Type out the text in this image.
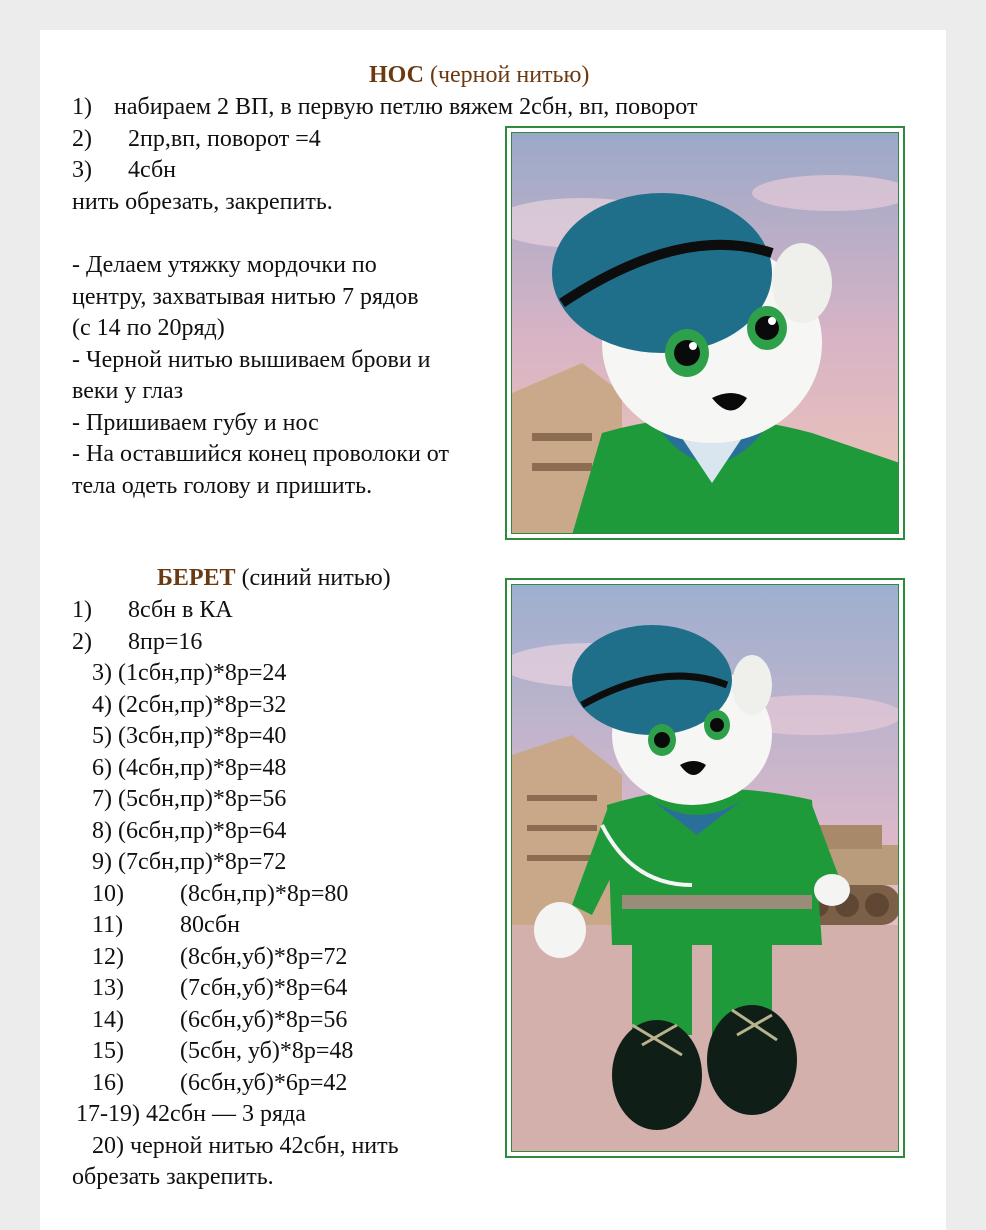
НОС (черной нитью)
1) набираем 2 ВП, в первую петлю вяжем 2сбн, вп, поворот
2) 2пр,вп, поворот =4
3) 4сбн
нить обрезать, закрепить.
- Делаем утяжку мордочки по
центру, захватывая нитью 7 рядов
(с 14 по 20ряд)
- Черной нитью вышиваем брови и
веки у глаз
- Пришиваем губу и нос
- На оставшийся конец проволоки от
тела одеть голову и пришить.
БЕРЕТ (синий нитью)
1) 8сбн в КА
2) 8пр=16
3) (1сбн,пр)*8р=24
4) (2сбн,пр)*8р=32
5) (3сбн,пр)*8р=40
6) (4сбн,пр)*8р=48
7) (5сбн,пр)*8р=56
8) (6сбн,пр)*8р=64
9) (7сбн,пр)*8р=72
10) (8сбн,пр)*8р=80
11) 80сбн
12) (8сбн,уб)*8р=72
13) (7сбн,уб)*8р=64
14) (6сбн,уб)*8р=56
15) (5сбн, уб)*8р=48
16) (6сбн,уб)*6р=42
17-19) 42сбн — 3 ряда
20) черной нитью 42сбн, нить
обрезать закрепить.
